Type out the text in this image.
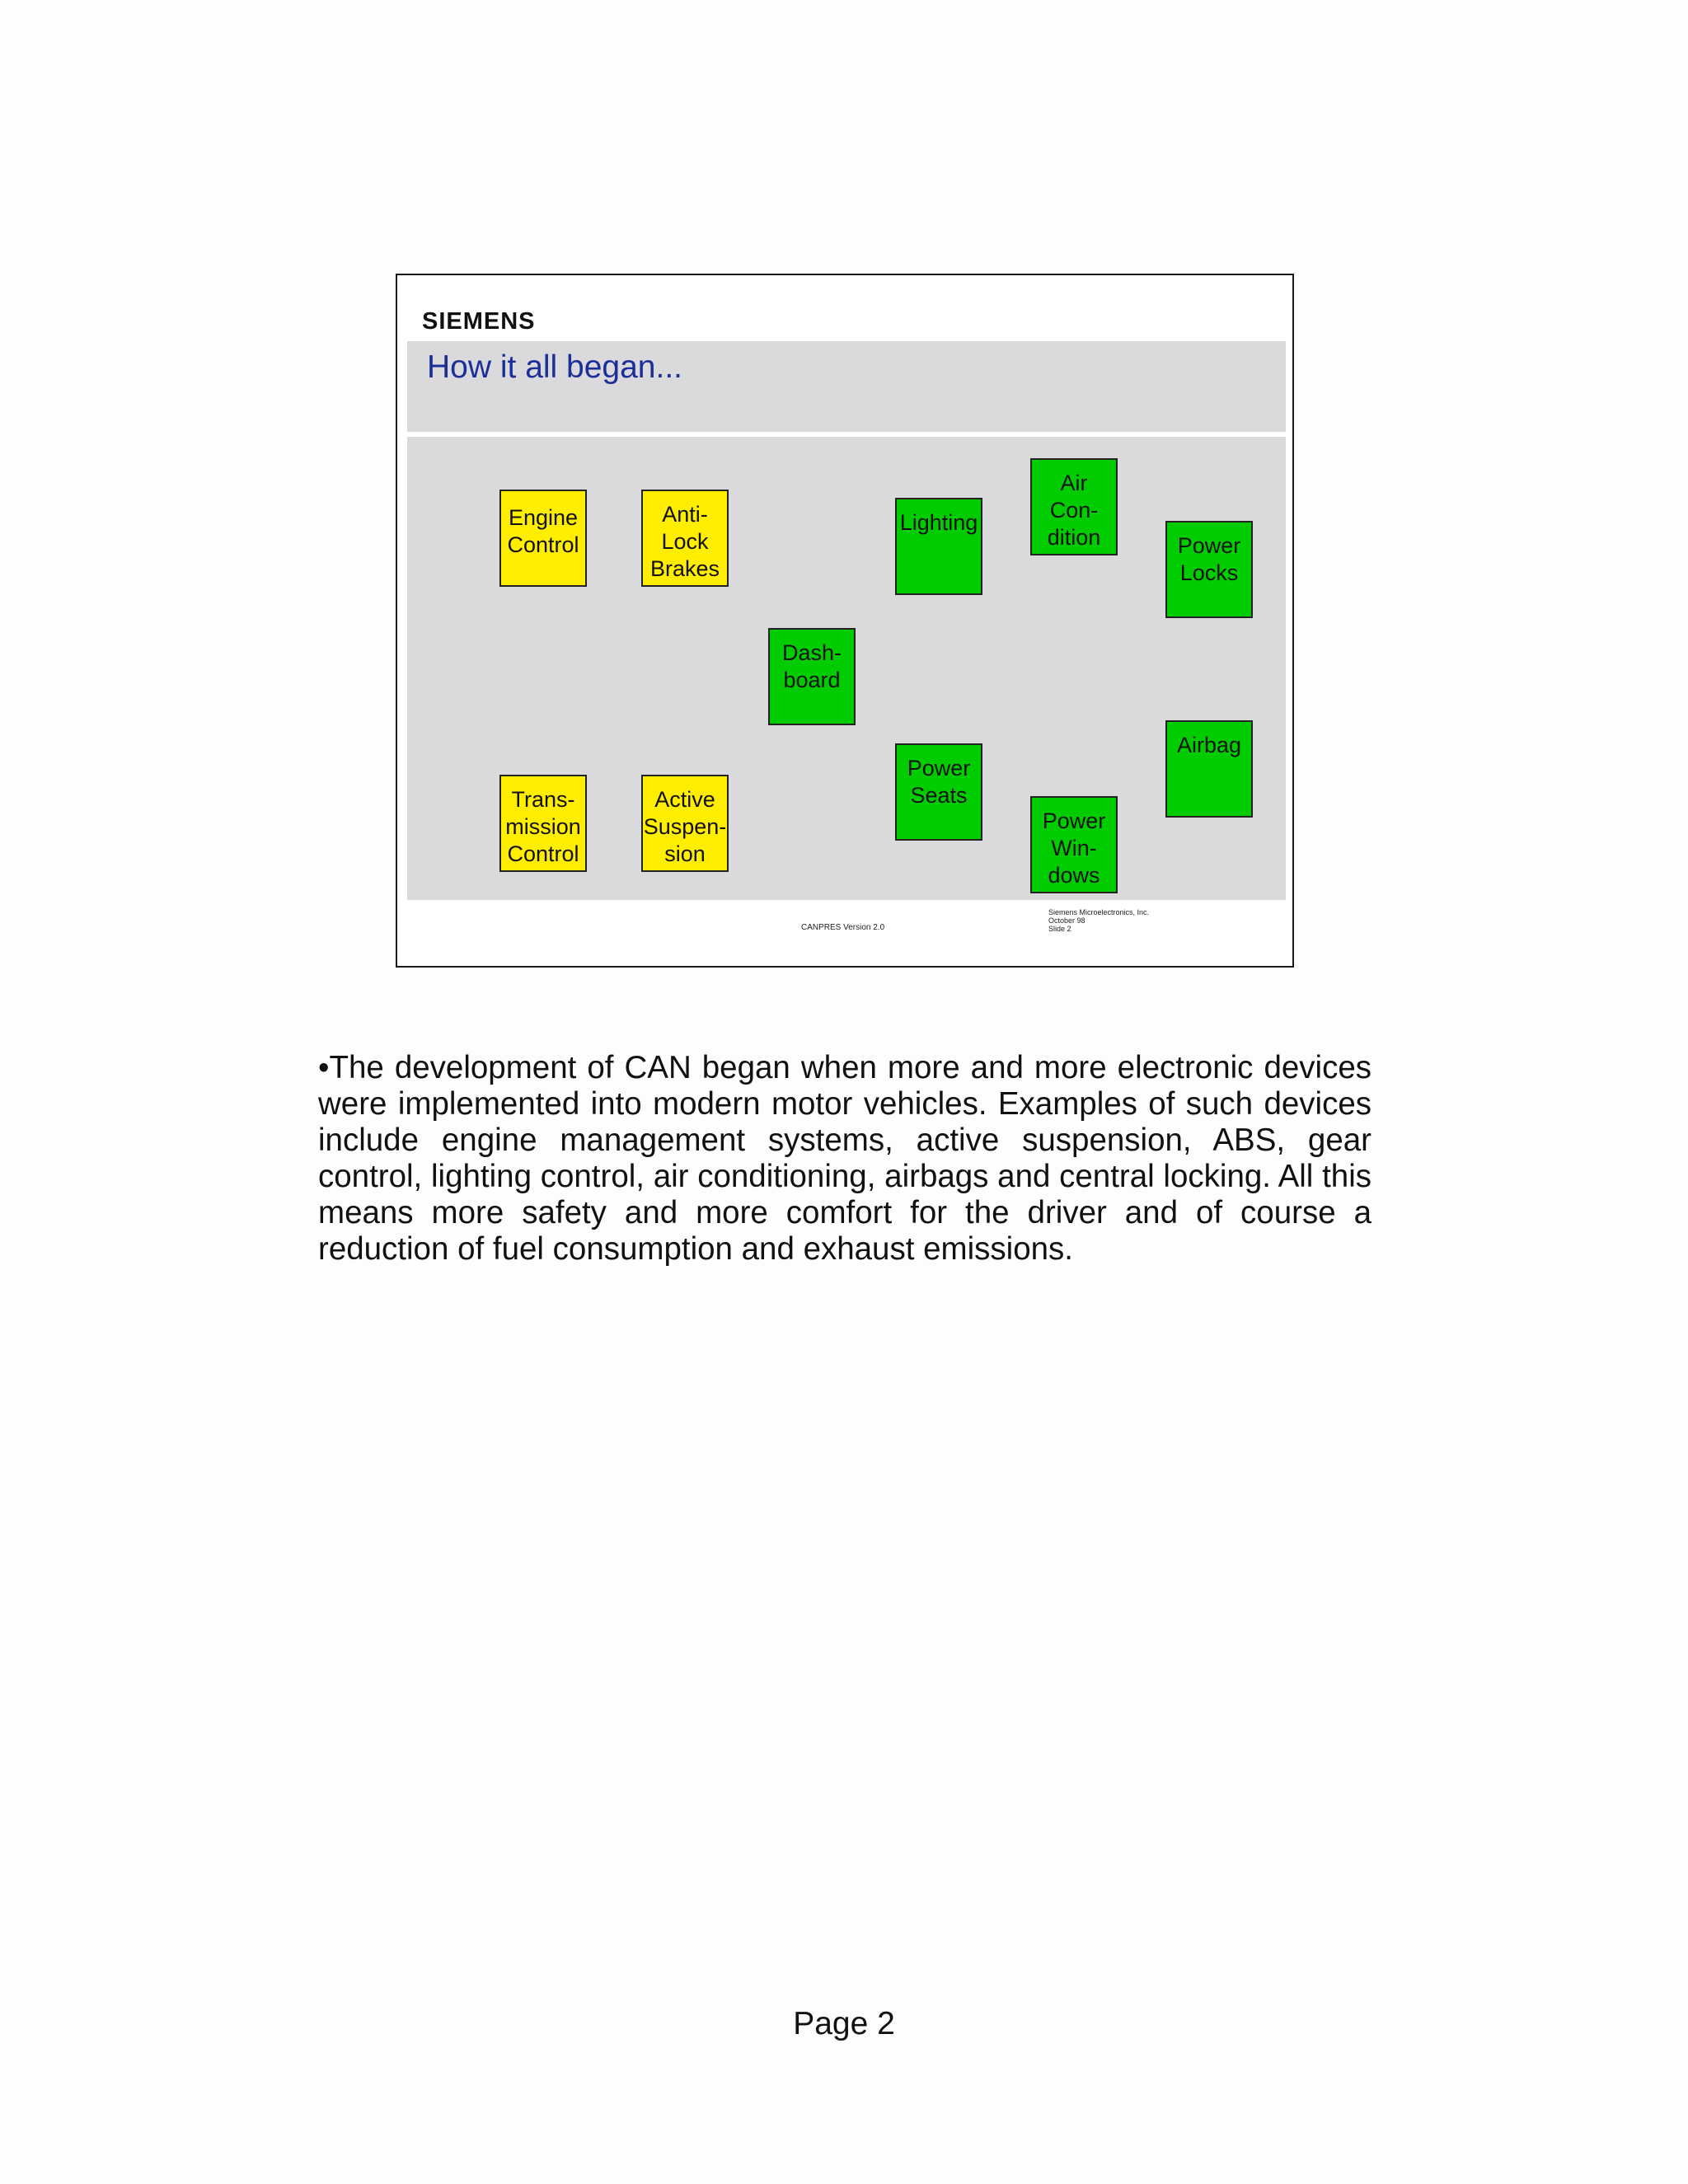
SIEMENS
How it all began...
Engine
Control
Anti-
Lock
Brakes
Trans-
mission
Control
Active
Suspen-
sion
Dash-
board
Lighting
Power
Seats
Air
Con-
dition
Power
Win-
dows
Power
Locks
Airbag
CANPRES Version 2.0
Siemens Microelectronics, Inc.
October 98
Slide 2
•The development of CAN began when more and more electronic devices were implemented into modern motor vehicles. Examples of such devices include engine management systems, active suspension, ABS, gear control, lighting control, air conditioning, airbags and central locking. All this means more safety and more comfort for the driver and of course a reduction of fuel consumption and exhaust emissions.
Page 2
